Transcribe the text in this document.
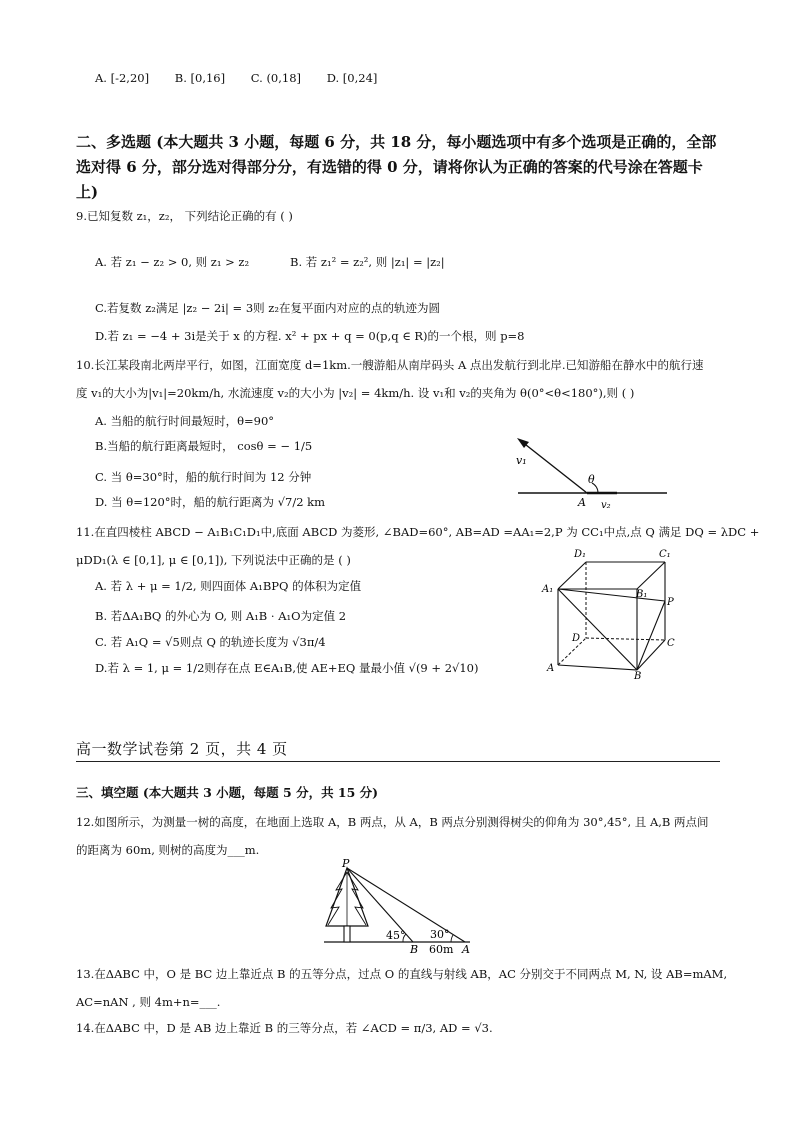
A. [-2,20] B. [0,16] C. (0,18] D. [0,24]
二、多选题 (本大题共 3 小题，每题 6 分，共 18 分，每小题选项中有多个选项是正确的，全部选对得 6 分，部分选对得部分分，有选错的得 0 分，请将你认为正确的答案的代号涂在答题卡上)
9.已知复数 z₁，z₂， 下列结论正确的有 ( )
A. 若 z₁ − z₂ > 0, 则 z₁ > z₂	B. 若 z₁² = z₂², 则 |z₁| = |z₂|
C.若复数 z₂满足 |z₂ − 2i| = 3则 z₂在复平面内对应的点的轨迹为圆
D.若 z₁ = −4 + 3i是关于 x 的方程. x² + px + q = 0(p,q ∈ R)的一个根，则 p=8
10.长江某段南北两岸平行，如图，江面宽度 d=1km.一艘游船从南岸码头 A 点出发航行到北岸.已知游船在静水中的航行速
度 v₁的大小为|v₁|=20km/h, 水流速度 v₂的大小为 |v₂| = 4km/h. 设 v₁和 v₂的夹角为 θ(0°<θ<180°),则 ( )
A. 当船的航行时间最短时，θ=90°
B.当船的航行距离最短时， cosθ = − 1/5
C. 当 θ=30°时，船的航行时间为 12 分钟
D. 当 θ=120°时，船的航行距离为 √7/2 km
v₁
v₂
θ
A
11.在直四棱柱 ABCD − A₁B₁C₁D₁中,底面 ABCD 为菱形, ∠BAD=60°, AB=AD =AA₁=2,P 为 CC₁中点,点 Q 满足 DQ = λDC +
μDD₁(λ ∈ [0,1], μ ∈ [0,1]), 下列说法中正确的是 ( )
A. 若 λ + μ = 1/2, 则四面体 A₁BPQ 的体积为定值
B. 若ΔA₁BQ 的外心为 O, 则 A₁B · A₁O为定值 2
C. 若 A₁Q = √5则点 Q 的轨迹长度为 √3π/4
D.若 λ = 1, μ = 1/2则存在点 E∈A₁B,使 AE+EQ 量最小值 √(9 + 2√10)
D₁	C₁
A₁	B₁
P
D	C
A
B
高一数学试卷第 2 页，共 4 页
三、填空题 (本大题共 3 小题，每题 5 分，共 15 分)
12.如图所示，为测量一树的高度，在地面上选取 A，B 两点，从 A，B 两点分别测得树尖的仰角为 30°,45°, 且 A,B 两点间
的距离为 60m, 则树的高度为___m.
P
45° 30°
B 60m A
13.在ΔABC 中，O 是 BC 边上靠近点 B 的五等分点，过点 O 的直线与射线 AB，AC 分别交于不同两点 M, N, 设 AB=mAM,
AC=nAN , 则 4m+n=___.
14.在ΔABC 中，D 是 AB 边上靠近 B 的三等分点，若 ∠ACD = π/3, AD = √3.
